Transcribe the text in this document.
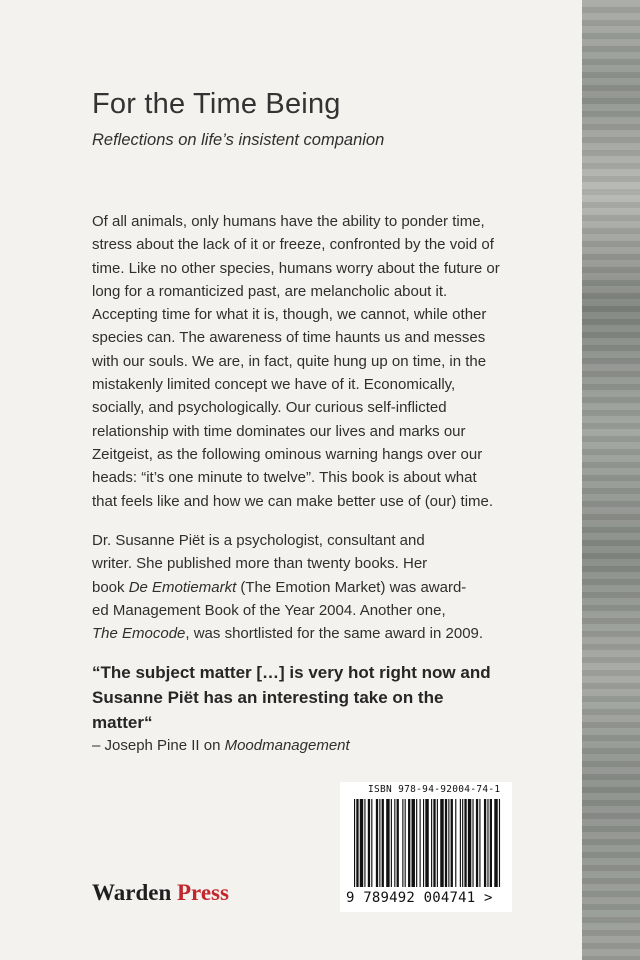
For the Time Being

Reflections on life’s insistent companion

Of all animals, only humans have the ability to ponder time, stress about the lack of it or freeze, confronted by the void of time. Like no other species, humans worry about the future or long for a romanticized past, are melancholic about it. Accepting time for what it is, though, we cannot, while other species can. The awareness of time haunts us and messes with our souls. We are, in fact, quite hung up on time, in the mistakenly limited concept we have of it. Economically, socially, and psychologically. Our curious self-inflicted relationship with time dominates our lives and marks our Zeitgeist, as the following ominous warning hangs over our heads: “it’s one minute to twelve”. This book is about what that feels like and how we can make better use of (our) time.

Dr. Susanne Piët is a psychologist, consultant and
writer. She published more than twenty books. Her
book De Emotiemarkt (The Emotion Market) was award-
ed Management Book of the Year 2004. Another one,
The Emocode, was shortlisted for the same award in 2009.

“The subject matter […] is very hot right now and Susanne Piët has an interesting take on the matter“

– Joseph Pine II on Moodmanagement

ISBN 978-94-92004-74-1

9 789492 004741 >

Warden Press
